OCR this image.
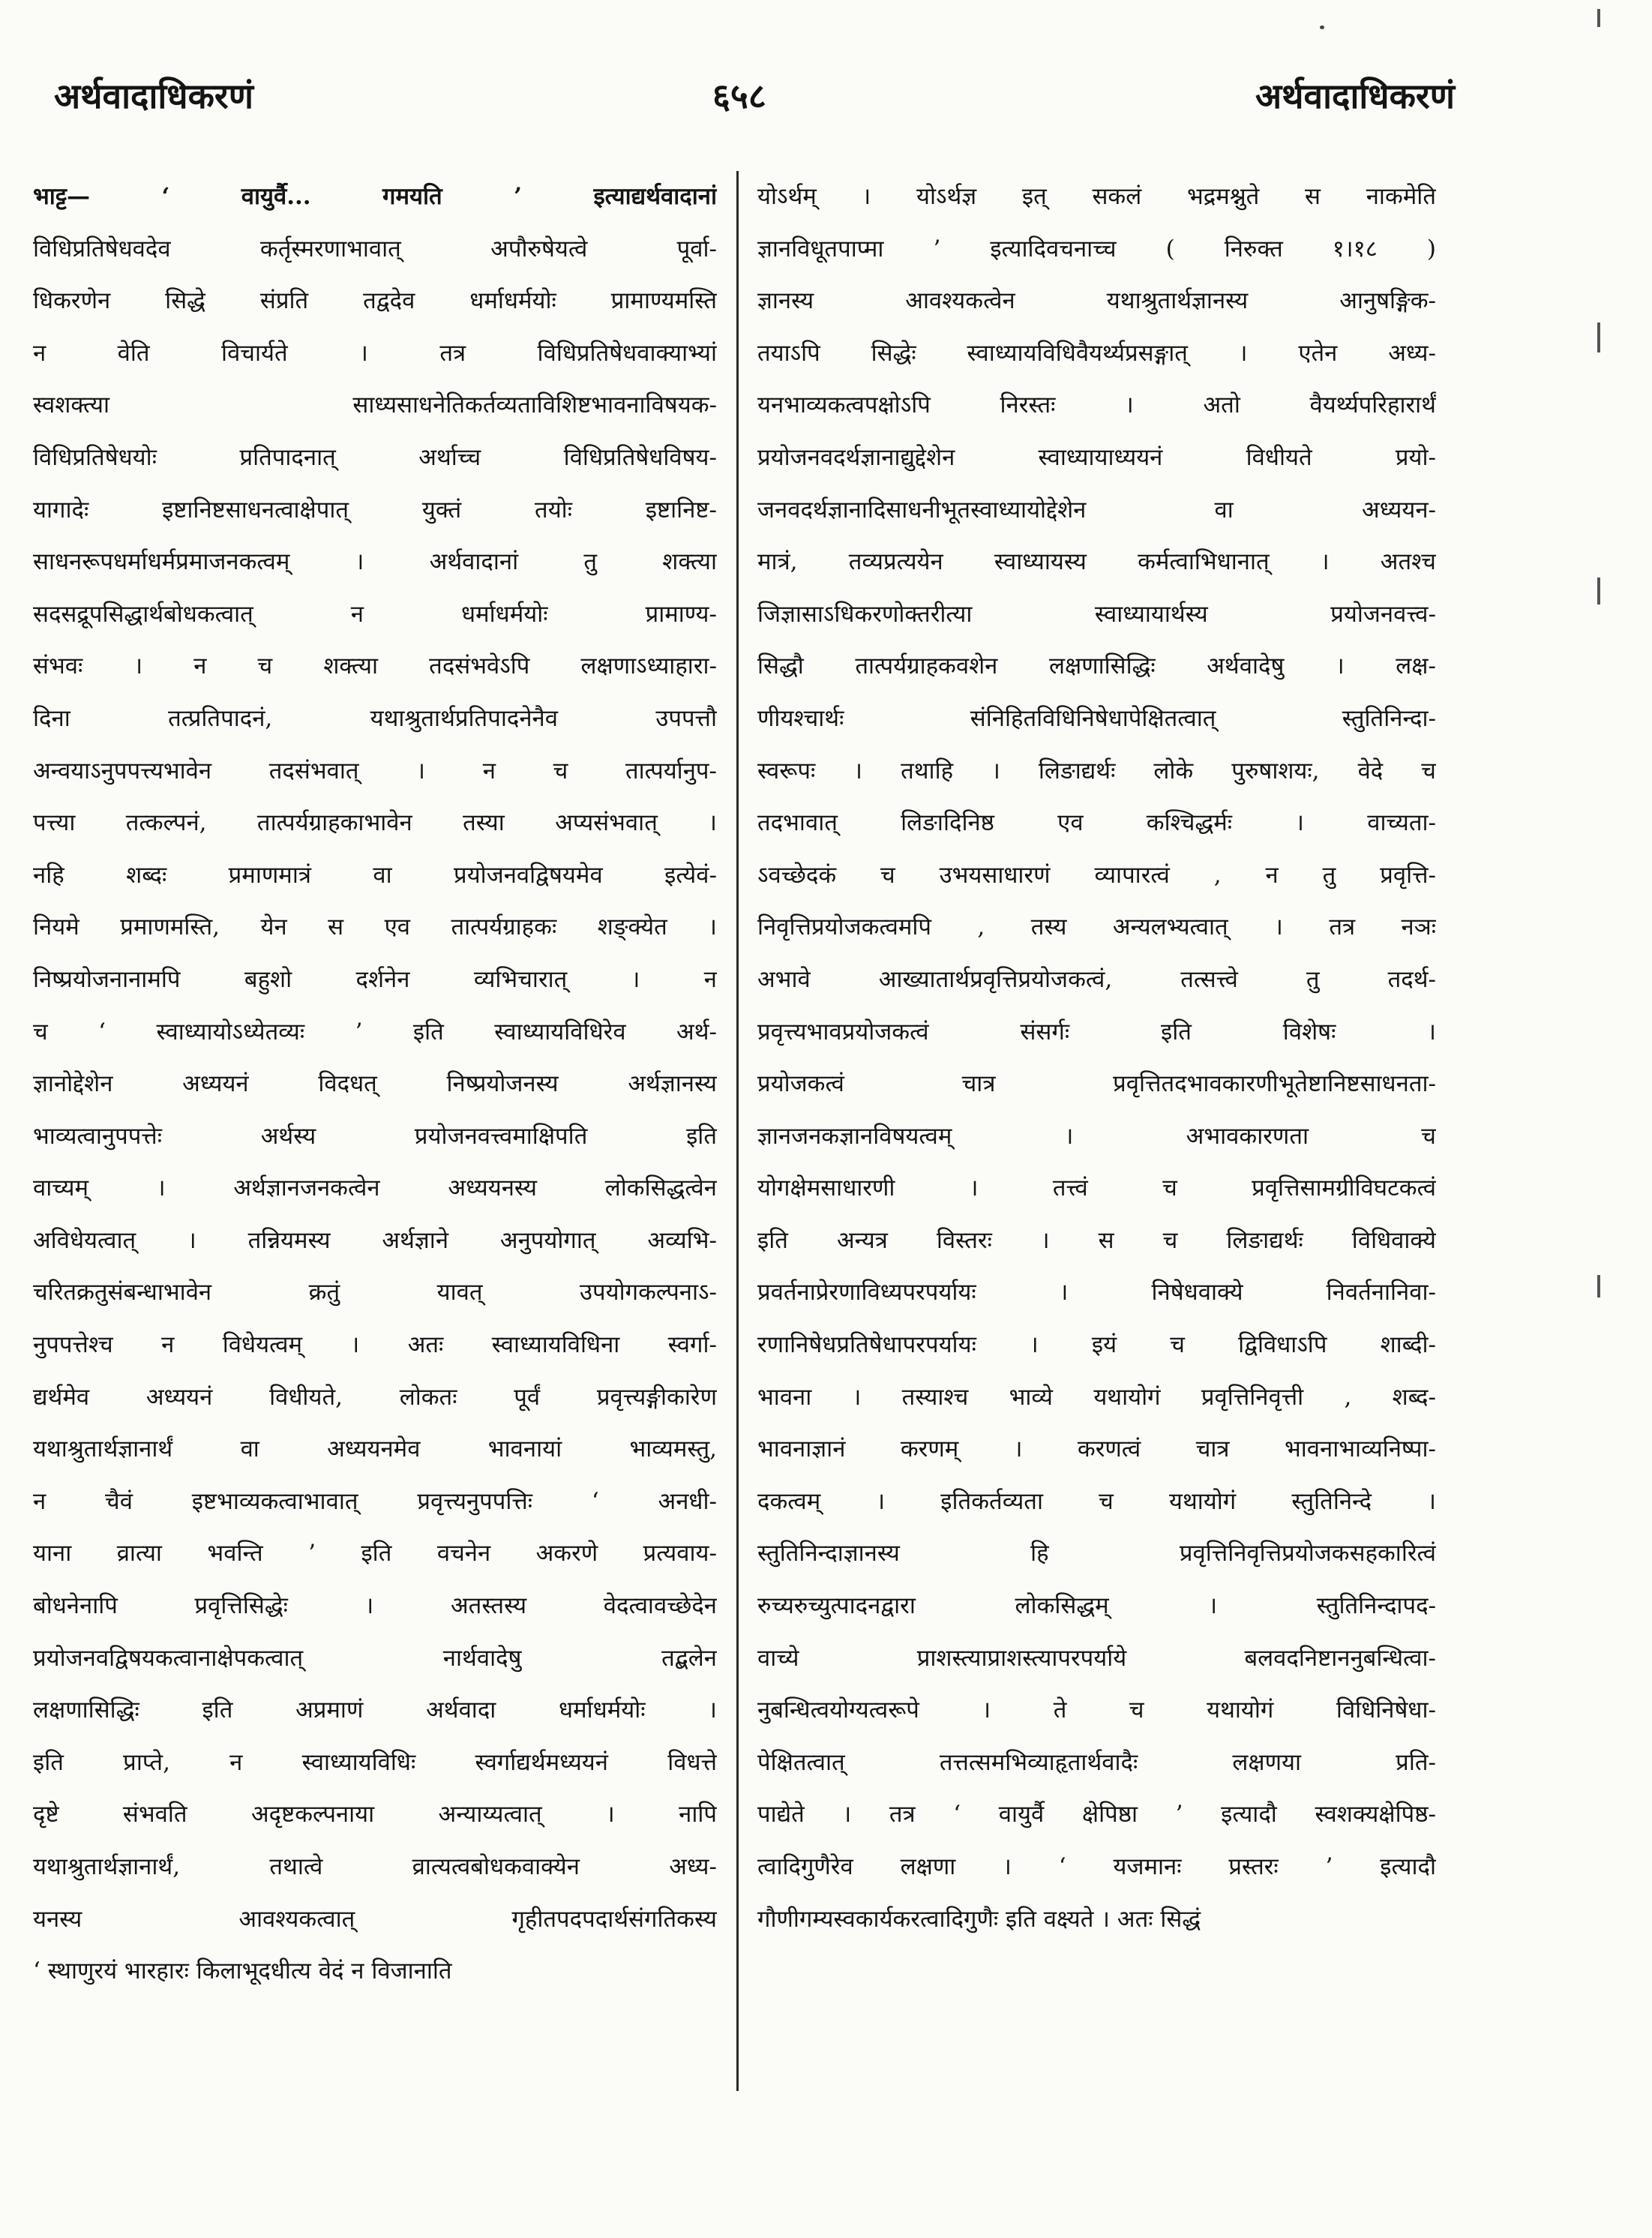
अर्थवादाधिकरणं	६५८	अर्थवादाधिकरणं
भाट्ट— ‘ वायुर्वै... गमयति ’ इत्याद्यर्थवादानां
विधिप्रतिषेधवदेव कर्तृस्मरणाभावात् अपौरुषेयत्वे पूर्वा-
धिकरणेन सिद्धे संप्रति तद्वदेव धर्माधर्मयोः प्रामाण्यमस्ति
न वेति विचार्यते । तत्र विधिप्रतिषेधवाक्याभ्यां
स्वशक्त्या साध्यसाधनेतिकर्तव्यताविशिष्टभावनाविषयक-
विधिप्रतिषेधयोः प्रतिपादनात् अर्थाच्च विधिप्रतिषेधविषय-
यागादेः इष्टानिष्टसाधनत्वाक्षेपात् युक्तं तयोः इष्टानिष्ट-
साधनरूपधर्माधर्मप्रमाजनकत्वम् । अर्थवादानां तु शक्त्या
सदसद्रूपसिद्धार्थबोधकत्वात् न धर्माधर्मयोः प्रामाण्य-
संभवः । न च शक्त्या तदसंभवेऽपि लक्षणाऽध्याहारा-
दिना तत्प्रतिपादनं, यथाश्रुतार्थप्रतिपादनेनैव उपपत्तौ
अन्वयाऽनुपपत्त्यभावेन तदसंभवात् । न च तात्पर्यानुप-
पत्त्या तत्कल्पनं, तात्पर्यग्राहकाभावेन तस्या अप्यसंभवात् ।
नहि शब्दः प्रमाणमात्रं वा प्रयोजनवद्विषयमेव इत्येवं-
नियमे प्रमाणमस्ति, येन स एव तात्पर्यग्राहकः शङ्क्येत ।
निष्प्रयोजनानामपि बहुशो दर्शनेन व्यभिचारात् । न
च ‘ स्वाध्यायोऽध्येतव्यः ’ इति स्वाध्यायविधिरेव अर्थ-
ज्ञानोद्देशेन अध्ययनं विदधत् निष्प्रयोजनस्य अर्थज्ञानस्य
भाव्यत्वानुपपत्तेः अर्थस्य प्रयोजनवत्त्वमाक्षिपति इति
वाच्यम् । अर्थज्ञानजनकत्वेन अध्ययनस्य लोकसिद्धत्वेन
अविधेयत्वात् । तन्नियमस्य अर्थज्ञाने अनुपयोगात् अव्यभि-
चरितक्रतुसंबन्धाभावेन क्रतुं यावत् उपयोगकल्पनाऽ-
नुपपत्तेश्च न विधेयत्वम् । अतः स्वाध्यायविधिना स्वर्गा-
द्यर्थमेव अध्ययनं विधीयते, लोकतः पूर्वं प्रवृत्त्यङ्गीकारेण
यथाश्रुतार्थज्ञानार्थं वा अध्ययनमेव भावनायां भाव्यमस्तु,
न चैवं इष्टभाव्यकत्वाभावात् प्रवृत्त्यनुपपत्तिः ‘ अनधी-
याना व्रात्या भवन्ति ’ इति वचनेन अकरणे प्रत्यवाय-
बोधनेनापि प्रवृत्तिसिद्धेः । अतस्तस्य वेदत्वावच्छेदेन
प्रयोजनवद्विषयकत्वानाक्षेपकत्वात् नार्थवादेषु तद्बलेन
लक्षणासिद्धिः इति अप्रमाणं अर्थवादा धर्माधर्मयोः ।
इति प्राप्ते, न स्वाध्यायविधिः स्वर्गाद्यर्थमध्ययनं विधत्ते
दृष्टे संभवति अदृष्टकल्पनाया अन्याय्यत्वात् । नापि
यथाश्रुतार्थज्ञानार्थं, तथात्वे व्रात्यत्वबोधकवाक्येन अध्य-
यनस्य आवश्यकत्वात् गृहीतपदपदार्थसंगतिकस्य
‘ स्थाणुरयं भारहारः किलाभूदधीत्य वेदं न विजानाति
योऽर्थम् । योऽर्थज्ञ इत् सकलं भद्रमश्नुते स नाकमेति
ज्ञानविधूतपाप्मा ’ इत्यादिवचनाच्च ( निरुक्त १।१८ )
ज्ञानस्य आवश्यकत्वेन यथाश्रुतार्थज्ञानस्य आनुषङ्गिक-
तयाऽपि सिद्धेः स्वाध्यायविधिवैयर्थ्यप्रसङ्गात् । एतेन अध्य-
यनभाव्यकत्वपक्षोऽपि निरस्तः । अतो वैयर्थ्यपरिहारार्थं
प्रयोजनवदर्थज्ञानाद्युद्देशेन स्वाध्यायाध्ययनं विधीयते प्रयो-
जनवदर्थज्ञानादिसाधनीभूतस्वाध्यायोद्देशेन वा अध्ययन-
मात्रं, तव्यप्रत्ययेन स्वाध्यायस्य कर्मत्वाभिधानात् । अतश्च
जिज्ञासाऽधिकरणोक्तरीत्या स्वाध्यायार्थस्य प्रयोजनवत्त्व-
सिद्धौ तात्पर्यग्राहकवशेन लक्षणासिद्धिः अर्थवादेषु । लक्ष-
णीयश्चार्थः संनिहितविधिनिषेधापेक्षितत्वात् स्तुतिनिन्दा-
स्वरूपः । तथाहि । लिङाद्यर्थः लोके पुरुषाशयः, वेदे च
तदभावात् लिङादिनिष्ठ एव कश्चिद्धर्मः । वाच्यता-
ऽवच्छेदकं च उभयसाधारणं व्यापारत्वं , न तु प्रवृत्ति-
निवृत्तिप्रयोजकत्वमपि , तस्य अन्यलभ्यत्वात् । तत्र नञः
अभावे आख्यातार्थप्रवृत्तिप्रयोजकत्वं, तत्सत्त्वे तु तदर्थ-
प्रवृत्त्यभावप्रयोजकत्वं संसर्गः इति विशेषः ।
प्रयोजकत्वं चात्र प्रवृत्तितदभावकारणीभूतेष्टानिष्टसाधनता-
ज्ञानजनकज्ञानविषयत्वम् । अभावकारणता च
योगक्षेमसाधारणी । तत्त्वं च प्रवृत्तिसामग्रीविघटकत्वं
इति अन्यत्र विस्तरः । स च लिङाद्यर्थः विधिवाक्ये
प्रवर्तनाप्रेरणाविध्यपरपर्यायः । निषेधवाक्ये निवर्तनानिवा-
रणानिषेधप्रतिषेधापरपर्यायः । इयं च द्विविधाऽपि शाब्दी-
भावना । तस्याश्च भाव्ये यथायोगं प्रवृत्तिनिवृत्ती , शब्द-
भावनाज्ञानं करणम् । करणत्वं चात्र भावनाभाव्यनिष्पा-
दकत्वम् । इतिकर्तव्यता च यथायोगं स्तुतिनिन्दे ।
स्तुतिनिन्दाज्ञानस्य हि प्रवृत्तिनिवृत्तिप्रयोजकसहकारित्वं
रुच्यरुच्युत्पादनद्वारा लोकसिद्धम् । स्तुतिनिन्दापद-
वाच्ये प्राशस्त्याप्राशस्त्यापरपर्याये बलवदनिष्टाननुबन्धित्वा-
नुबन्धित्वयोग्यत्वरूपे । ते च यथायोगं विधिनिषेधा-
पेक्षितत्वात् तत्तत्समभिव्याहृतार्थवादैः लक्षणया प्रति-
पाद्येते । तत्र ‘ वायुर्वै क्षेपिष्ठा ’ इत्यादौ स्वशक्यक्षेपिष्ठ-
त्वादिगुणैरेव लक्षणा । ‘ यजमानः प्रस्तरः ’ इत्यादौ
गौणीगम्यस्वकार्यकरत्वादिगुणैः इति वक्ष्यते । अतः सिद्धं
